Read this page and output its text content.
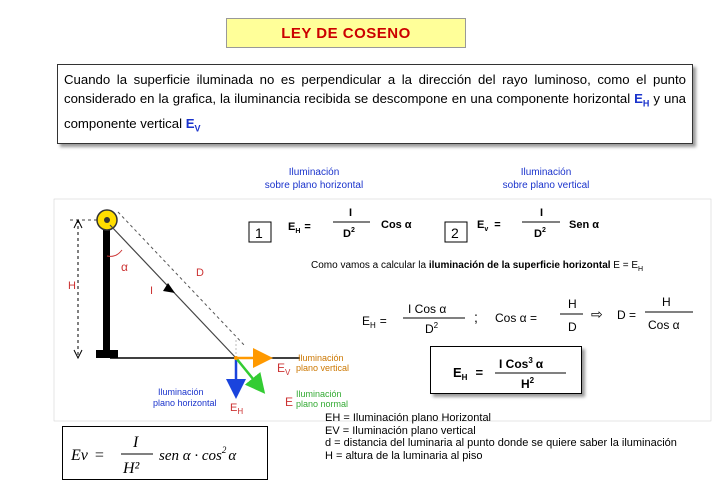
LEY DE COSENO
Cuando la superficie iluminada no es perpendicular a la dirección del rayo luminoso, como el punto considerado en la grafica, la iluminancia recibida se descompone en una componente horizontal $E_H$ y una componente vertical $E_V$
Iluminación
sobre plano horizontal
Iluminación
sobre plano vertical
H
α	D
I
$E_V$
Iluminación
plano vertical
E
Iluminación
plano normal
$E_H$
Iluminación
plano horizontal
1 $E_H$ =
I
$D^2$ Cos α	2 $E_v$ =
I
$D^2$ Sen α
Como vamos a calcular la iluminación de la superficie horizontal $E = E_H$
$E_H$ =
I Cos α
$D^2$
; Cos α =
H
D
⇨ D =
H
Cos α
$E_H$ =
I Cos$^3$ α
$H^2$
EH = Iluminación plano Horizontal
EV = Iluminación plano vertical
d = distancia del luminaria al punto donde se quiere saber la iluminación
H = altura de la luminaria al piso
Ev =
I
H²
sen $\alpha \cdot \cos^2 \alpha$
